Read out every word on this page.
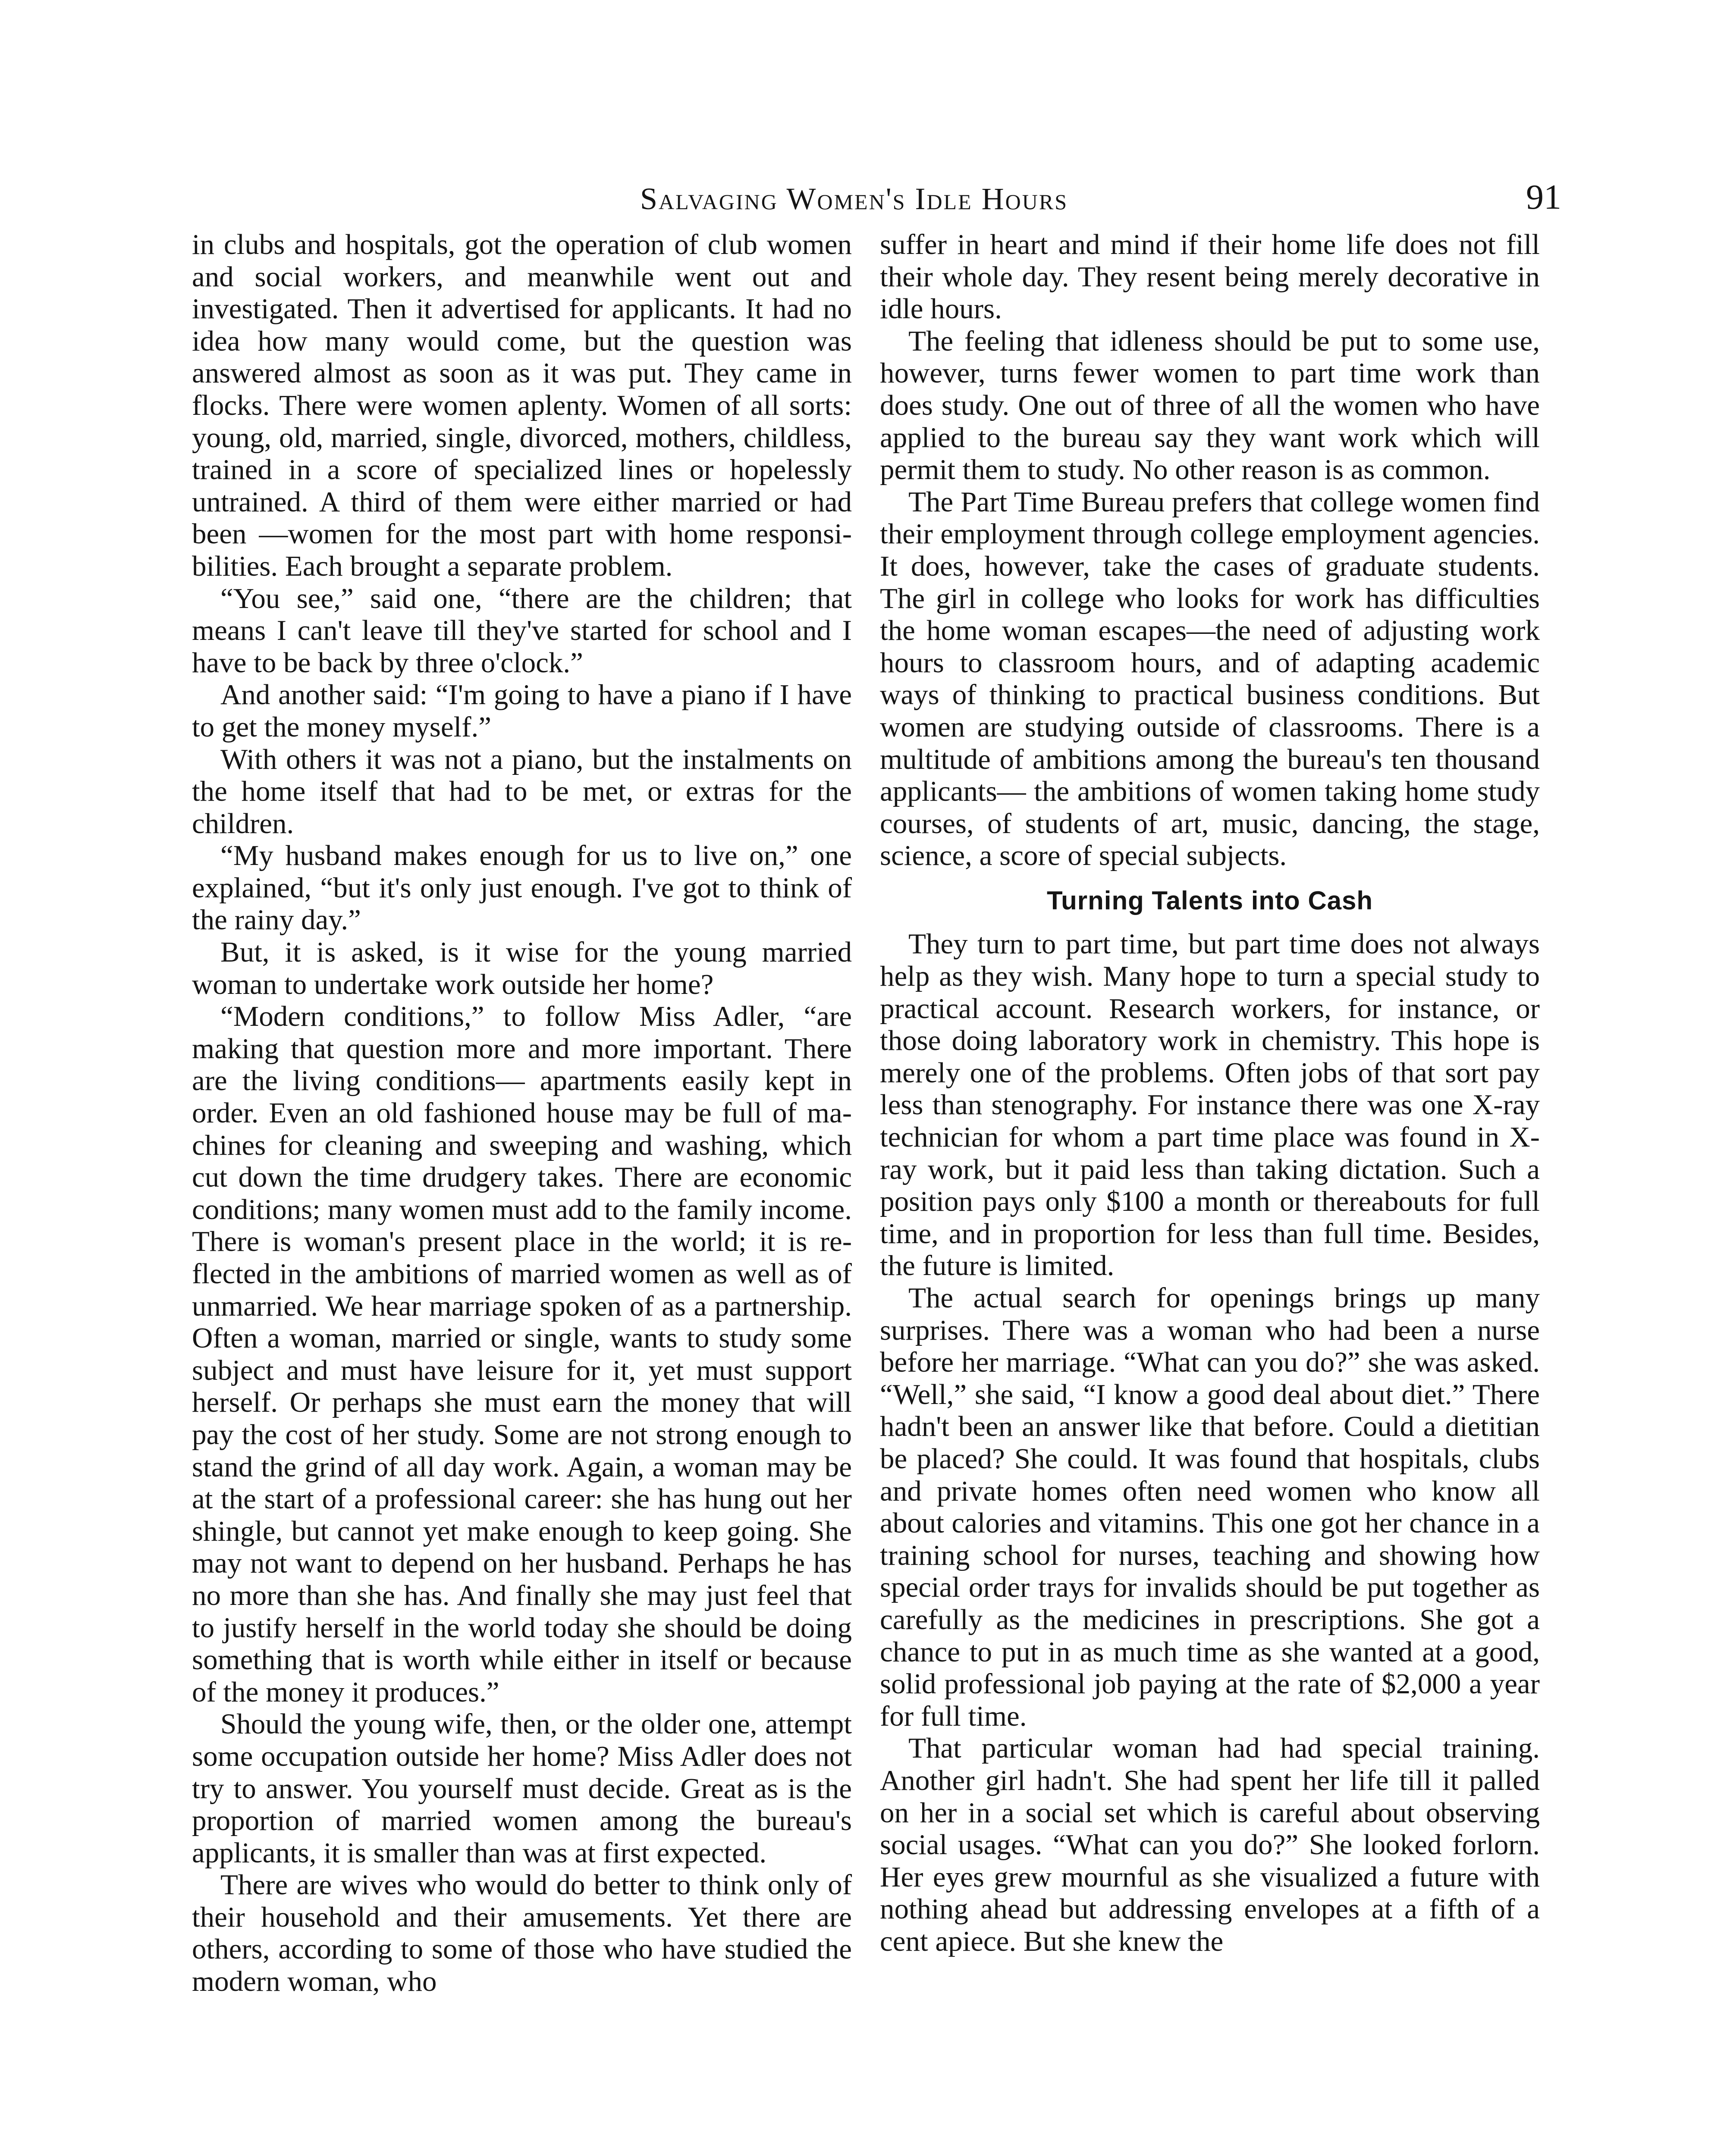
Salvaging Women's Idle Hours	91

in clubs and hospitals, got the operation of club women and social workers, and meanwhile went out and investigated. Then it advertised for applicants. It had no idea how many would come, but the question was answered almost as soon as it was put. They came in flocks. There were women aplenty. Women of all sorts: young, old, married, single, divorced, mothers, childless, trained in a score of specialized lines or hopelessly untrained. A third of them were either married or had been —women for the most part with home responsibilities. Each brought a separate problem.

“You see,” said one, “there are the children; that means I can't leave till they've started for school and I have to be back by three o'clock.”

And another said: “I'm going to have a piano if I have to get the money myself.”

With others it was not a piano, but the instalments on the home itself that had to be met, or extras for the children.

“My husband makes enough for us to live on,” one explained, “but it's only just enough. I've got to think of the rainy day.”

But, it is asked, is it wise for the young married woman to undertake work outside her home?

“Modern conditions,” to follow Miss Adler, “are making that question more and more important. There are the living conditions— apartments easily kept in order. Even an old fashioned house may be full of machines for cleaning and sweeping and washing, which cut down the time drudgery takes. There are economic conditions; many women must add to the family income. There is woman's present place in the world; it is reflected in the ambitions of married women as well as of unmarried. We hear marriage spoken of as a partnership. Often a woman, married or single, wants to study some subject and must have leisure for it, yet must support herself. Or perhaps she must earn the money that will pay the cost of her study. Some are not strong enough to stand the grind of all day work. Again, a woman may be at the start of a professional career: she has hung out her shingle, but cannot yet make enough to keep going. She may not want to depend on her husband. Perhaps he has no more than she has. And finally she may just feel that to justify herself in the world today she should be doing something that is worth while either in itself or because of the money it produces.”

Should the young wife, then, or the older one, attempt some occupation outside her home? Miss Adler does not try to answer. You yourself must decide. Great as is the proportion of married women among the bureau's applicants, it is smaller than was at first expected.

There are wives who would do better to think only of their household and their amusements. Yet there are others, according to some of those who have studied the modern woman, who

suffer in heart and mind if their home life does not fill their whole day. They resent being merely decorative in idle hours.

The feeling that idleness should be put to some use, however, turns fewer women to part time work than does study. One out of three of all the women who have applied to the bureau say they want work which will permit them to study. No other reason is as common.

The Part Time Bureau prefers that college women find their employment through college employment agencies. It does, however, take the cases of graduate students. The girl in college who looks for work has difficulties the home woman escapes—the need of adjusting work hours to classroom hours, and of adapting academic ways of thinking to practical business conditions. But women are studying outside of classrooms. There is a multitude of ambitions among the bureau's ten thousand applicants— the ambitions of women taking home study courses, of students of art, music, dancing, the stage, science, a score of special subjects.

Turning Talents into Cash

They turn to part time, but part time does not always help as they wish. Many hope to turn a special study to practical account. Research workers, for instance, or those doing laboratory work in chemistry. This hope is merely one of the problems. Often jobs of that sort pay less than stenography. For instance there was one X-ray technician for whom a part time place was found in X-ray work, but it paid less than taking dictation. Such a position pays only $100 a month or thereabouts for full time, and in proportion for less than full time. Besides, the future is limited.

The actual search for openings brings up many surprises. There was a woman who had been a nurse before her marriage. “What can you do?” she was asked. “Well,” she said, “I know a good deal about diet.” There hadn't been an answer like that before. Could a dietitian be placed? She could. It was found that hospitals, clubs and private homes often need women who know all about calories and vitamins. This one got her chance in a training school for nurses, teaching and showing how special order trays for invalids should be put together as carefully as the medicines in prescriptions. She got a chance to put in as much time as she wanted at a good, solid professional job paying at the rate of $2,000 a year for full time.

That particular woman had had special training. Another girl hadn't. She had spent her life till it palled on her in a social set which is careful about observing social usages. “What can you do?” She looked forlorn. Her eyes grew mournful as she visualized a future with nothing ahead but addressing envelopes at a fifth of a cent apiece. But she knew the
